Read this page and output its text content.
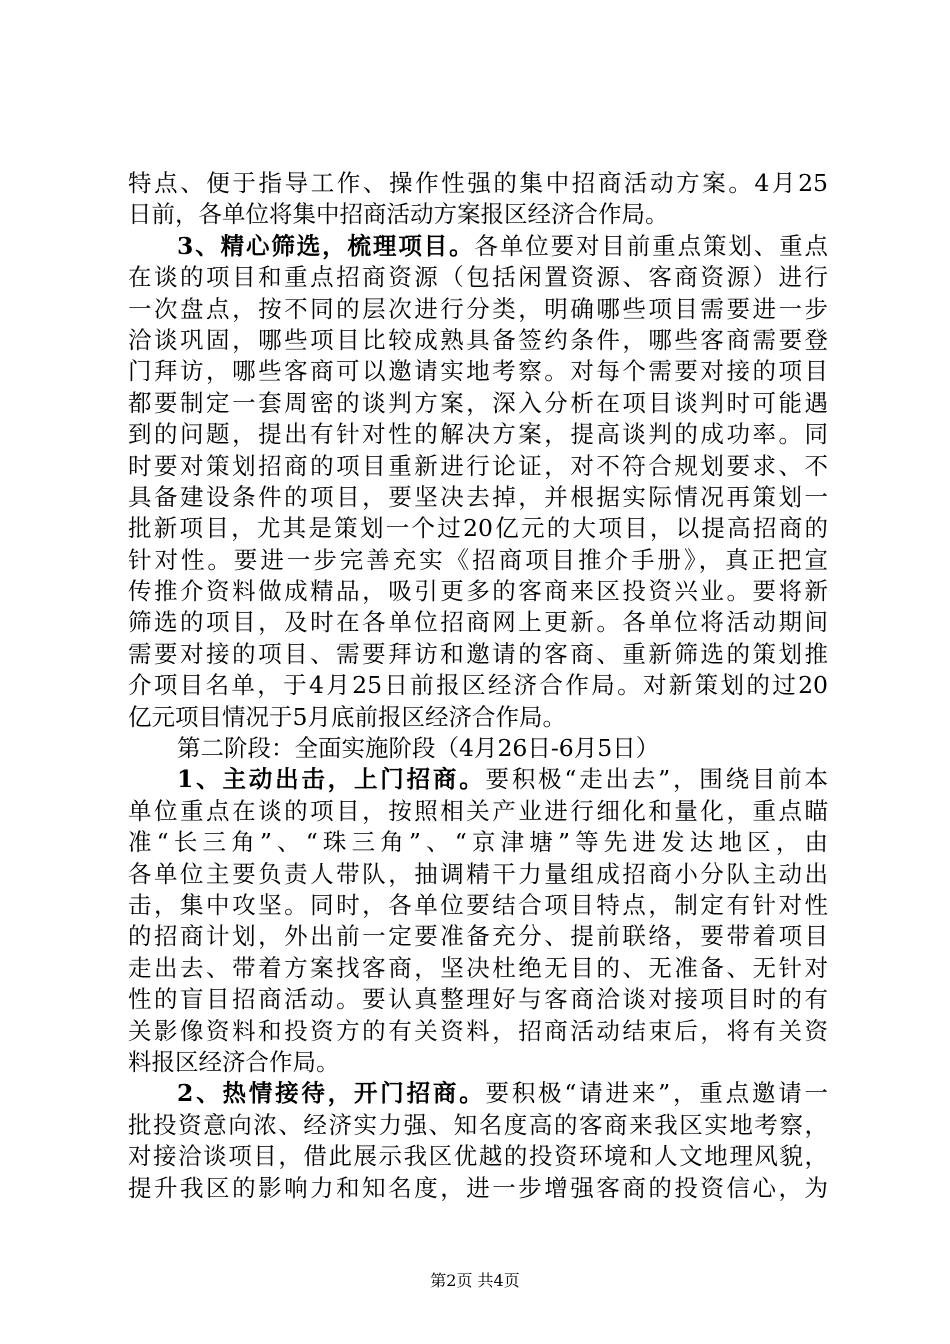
特点、便于指导工作、操作性强的集中招商活动方案。4月25
日前，各单位将集中招商活动方案报区经济合作局。
3、精心筛选，梳理项目。各单位要对目前重点策划、重点
在谈的项目和重点招商资源（包括闲置资源、客商资源）进行
一次盘点，按不同的层次进行分类，明确哪些项目需要进一步
洽谈巩固，哪些项目比较成熟具备签约条件，哪些客商需要登
门拜访，哪些客商可以邀请实地考察。对每个需要对接的项目
都要制定一套周密的谈判方案，深入分析在项目谈判时可能遇
到的问题，提出有针对性的解决方案，提高谈判的成功率。同
时要对策划招商的项目重新进行论证，对不符合规划要求、不
具备建设条件的项目，要坚决去掉，并根据实际情况再策划一
批新项目，尤其是策划一个过20亿元的大项目，以提高招商的
针对性。要进一步完善充实《招商项目推介手册》，真正把宣
传推介资料做成精品，吸引更多的客商来区投资兴业。要将新
筛选的项目，及时在各单位招商网上更新。各单位将活动期间
需要对接的项目、需要拜访和邀请的客商、重新筛选的策划推
介项目名单，于4月25日前报区经济合作局。对新策划的过20
亿元项目情况于5月底前报区经济合作局。
第二阶段：全面实施阶段（4月26日-6月5日）
1、主动出击，上门招商。要积极“走出去”，围绕目前本
单位重点在谈的项目，按照相关产业进行细化和量化，重点瞄
准“长三角”、“珠三角”、“京津塘”等先进发达地区，由
各单位主要负责人带队，抽调精干力量组成招商小分队主动出
击，集中攻坚。同时，各单位要结合项目特点，制定有针对性
的招商计划，外出前一定要准备充分、提前联络，要带着项目
走出去、带着方案找客商，坚决杜绝无目的、无准备、无针对
性的盲目招商活动。要认真整理好与客商洽谈对接项目时的有
关影像资料和投资方的有关资料，招商活动结束后，将有关资
料报区经济合作局。
2、热情接待，开门招商。要积极“请进来”，重点邀请一
批投资意向浓、经济实力强、知名度高的客商来我区实地考察，
对接洽谈项目，借此展示我区优越的投资环境和人文地理风貌，
提升我区的影响力和知名度，进一步增强客商的投资信心，为
第2页 共4页
